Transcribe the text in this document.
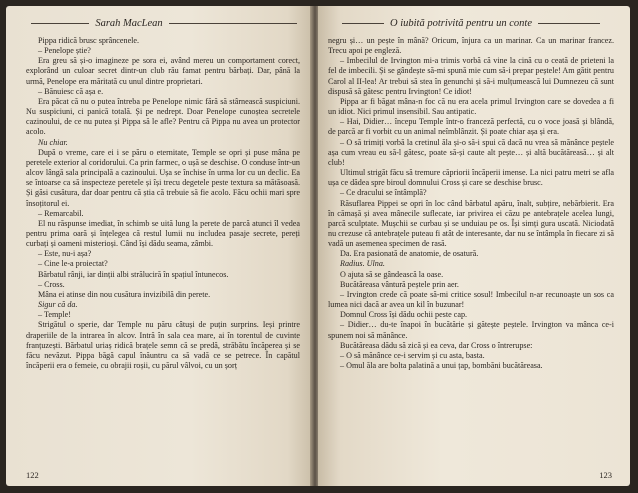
Sarah MacLean

Pippa ridică brusc sprâncenele.

– Penelope știe?

Era greu să și-o imagineze pe sora ei, având mereu un comportament corect, explorând un culoar secret dintr-un club rău famat pentru bărbați. Dar, până la urmă, Penelope era măritată cu unul dintre proprietari.

– Bănuiesc că așa e.

Era păcat că nu o putea întreba pe Penelope nimic fără să stârnească suspiciuni. Nu suspiciuni, ci panică totală. Și pe nedrept. Doar Penelope cunoștea secretele cazinoului, de ce nu putea și Pippa să le afle? Pentru că Pippa nu avea un protector acolo.

Nu chiar.

După o vreme, care ei i se păru o eternitate, Temple se opri și puse mâna pe peretele exterior al coridorului. Ca prin farmec, o ușă se deschise. O conduse într-un alcov lângă sala principală a cazinoului. Ușa se închise în urma lor cu un declic. Ea se întoarse ca să inspecteze peretele și își trecu degetele peste textura sa mătăsoasă. Și găsi cusătura, dar doar pentru că știa că trebuie să fie acolo. Făcu ochii mari spre însoțitorul ei.

– Remarcabil.

El nu răspunse imediat, în schimb se uită lung la perete de parcă atunci îl vedea pentru prima oară și înțelegea că restul lumii nu includea pasaje secrete, pereți curbați și oameni misterioși. Când își dădu seama, zâmbi.

– Este, nu-i așa?

– Cine le-a proiectat?

Bărbatul rânji, iar dinții albi străluciră în spațiul întunecos.

– Cross.

Mâna ei atinse din nou cusătura invizibilă din perete.

Sigur că da.

– Temple!

Strigătul o sperie, dar Temple nu păru câtuși de puțin surprins. Ieși printre draperiile de la intrarea în alcov. Intră în sala cea mare, ai în torentul de cuvinte franțuzești. Bărbatul uriaș ridică brațele semn că se predă, străbătu încăperea și se făcu nevăzut. Pippa băgă capul înăuntru ca să vadă ce se petrece. În capătul încăperii era o femeie, cu obrajii roșii, cu părul vâlvoi, cu un șorț

122
O iubită potrivită pentru un conte

negru și… un pește în mână? Oricum, înjura ca un marinar. Ca un marinar francez. Trecu apoi pe engleză.

– Imbecilul de Irvington mi-a trimis vorbă că vine la cină cu o ceată de prieteni la fel de imbecili. Și se gândește să-mi spună mie cum să-i prepar peștele! Am gătit pentru Carol al II-lea! Ar trebui să stea în genunchi și să-i mulțumească lui Dumnezeu că sunt dispusă să gătesc pentru Irvington! Ce idiot!

Pippa ar fi băgat mâna-n foc că nu era acela primul Irvington care se dovedea a fi un idiot. Nici primul insensibil. Sau antipatic.

– Hai, Didier… începu Temple într-o franceză perfectă, cu o voce joasă și blândă, de parcă ar fi vorbit cu un animal neîmblânzit. Și poate chiar așa și era.

– O să trimiți vorbă la cretinul ăla și-o să-i spui că dacă nu vrea să mănânce peștele așa cum vreau eu să-l gătesc, poate să-și caute alt pește… și altă bucătăreasă… și alt club!

Ultimul strigăt făcu să tremure căpriorii încăperii imense. La nici patru metri se afla ușa ce dădea spre biroul domnului Cross și care se deschise brusc.

– Ce dracului se întâmplă?

Răsuflarea Pippei se opri în loc când bărbatul apăru, înalt, subțire, nebărbierit. Era în cămașă și avea mânecile suflecate, iar privirea ei căzu pe antebrațele acelea lungi, parcă sculptate. Mușchii se curbau și se unduiau pe os. Își simți gura uscată. Niciodată nu crezuse că antebrațele puteau fi atât de interesante, dar nu se întâmpla în fiecare zi să vadă un asemenea specimen de rasă.

Da. Era pasionată de anatomie, de osatură.

Radius. Ulna.

O ajuta să se gândească la oase.

Bucătăreasa vântură peștele prin aer.

– Irvington crede că poate să-mi critice sosul! Imbecilul n-ar recunoaște un sos ca lumea nici dacă ar avea un kil în buzunar!

Domnul Cross își dădu ochii peste cap.

– Didier… du-te înapoi în bucătărie și gătește peștele. Irvington va mânca ce-i spunem noi să mănânce.

Bucătăreasa dădu să zică și ea ceva, dar Cross o întrerupse:

– O să mănânce ce-i servim și cu asta, basta.

– Omul ăla are bolta palatină a unui țap, bombăni bucătăreasa.

123
